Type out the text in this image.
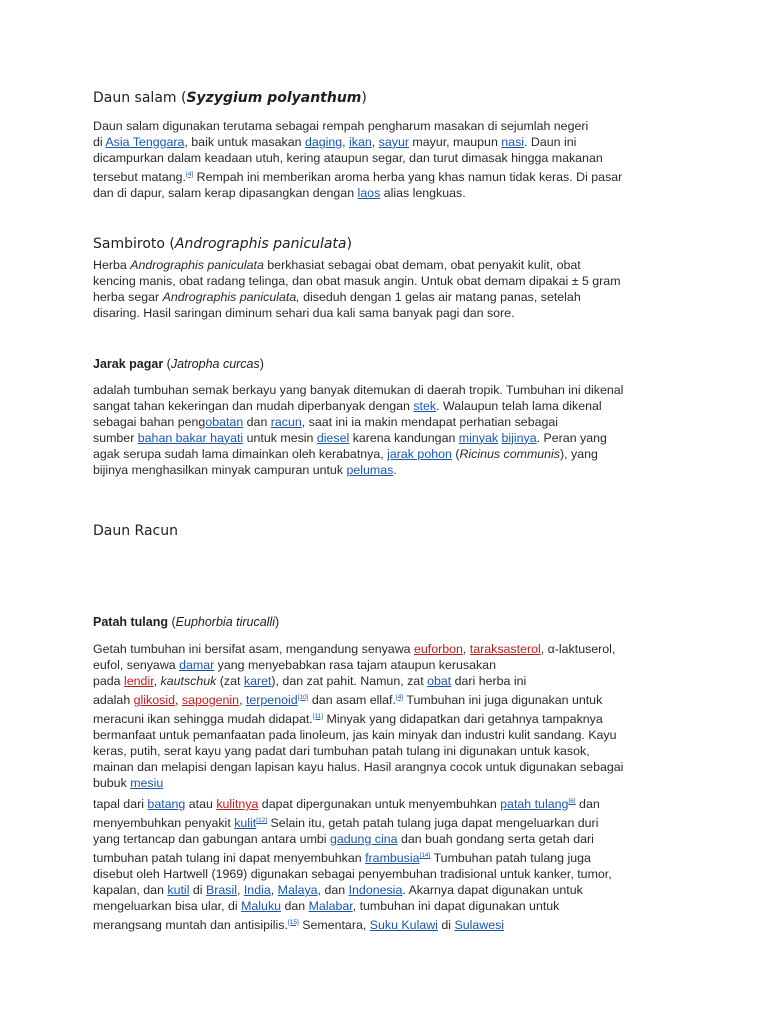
Daun salam (Syzygium polyanthum)
Daun salam digunakan terutama sebagai rempah pengharum masakan di sejumlah negeri
di Asia Tenggara, baik untuk masakan daging, ikan, sayur mayur, maupun nasi. Daun ini
dicampurkan dalam keadaan utuh, kering ataupun segar, dan turut dimasak hingga makanan
tersebut matang.[4] Rempah ini memberikan aroma herba yang khas namun tidak keras. Di pasar
dan di dapur, salam kerap dipasangkan dengan laos alias lengkuas.
Sambiroto (Andrographis paniculata)
Herba Andrographis paniculata berkhasiat sebagai obat demam, obat penyakit kulit, obat
kencing manis, obat radang telinga, dan obat masuk angin. Untuk obat demam dipakai ± 5 gram
herba segar Andrographis paniculata, diseduh dengan 1 gelas air matang panas, setelah
disaring. Hasil saringan diminum sehari dua kali sama banyak pagi dan sore.
Jarak pagar (Jatropha curcas)
adalah tumbuhan semak berkayu yang banyak ditemukan di daerah tropik. Tumbuhan ini dikenal
sangat tahan kekeringan dan mudah diperbanyak dengan stek. Walaupun telah lama dikenal
sebagai bahan pengobatan dan racun, saat ini ia makin mendapat perhatian sebagai
sumber bahan bakar hayati untuk mesin diesel karena kandungan minyak bijinya. Peran yang
agak serupa sudah lama dimainkan oleh kerabatnya, jarak pohon (Ricinus communis), yang
bijinya menghasilkan minyak campuran untuk pelumas.
Daun Racun
Patah tulang (Euphorbia tirucalli)
Getah tumbuhan ini bersifat asam, mengandung senyawa euforbon, taraksasterol, α-laktuserol,
eufol, senyawa damar yang menyebabkan rasa tajam ataupun kerusakan
pada lendir, kautschuk (zat karet), dan zat pahit. Namun, zat obat dari herba ini
adalah glikosid, sapogenin, terpenoid[10] dan asam ellaf.[4] Tumbuhan ini juga digunakan untuk
meracuni ikan sehingga mudah didapat.[11] Minyak yang didapatkan dari getahnya tampaknya
bermanfaat untuk pemanfaatan pada linoleum, jas kain minyak dan industri kulit sandang. Kayu
keras, putih, serat kayu yang padat dari tumbuhan patah tulang ini digunakan untuk kasok,
mainan dan melapisi dengan lapisan kayu halus. Hasil arangnya cocok untuk digunakan sebagai
bubuk mesiu
tapal dari batang atau kulitnya dapat dipergunakan untuk menyembuhkan patah tulang[6] dan
menyembuhkan penyakit kulit[12] Selain itu, getah patah tulang juga dapat mengeluarkan duri
yang tertancap dan gabungan antara umbi gadung cina dan buah gondang serta getah dari
tumbuhan patah tulang ini dapat menyembuhkan frambusia[14] Tumbuhan patah tulang juga
disebut oleh Hartwell (1969) digunakan sebagai penyembuhan tradisional untuk kanker, tumor,
kapalan, dan kutil di Brasil, India, Malaya, dan Indonesia. Akarnya dapat digunakan untuk
mengeluarkan bisa ular, di Maluku dan Malabar, tumbuhan ini dapat digunakan untuk
merangsang muntah dan antisipilis.[15] Sementara, Suku Kulawi di Sulawesi
